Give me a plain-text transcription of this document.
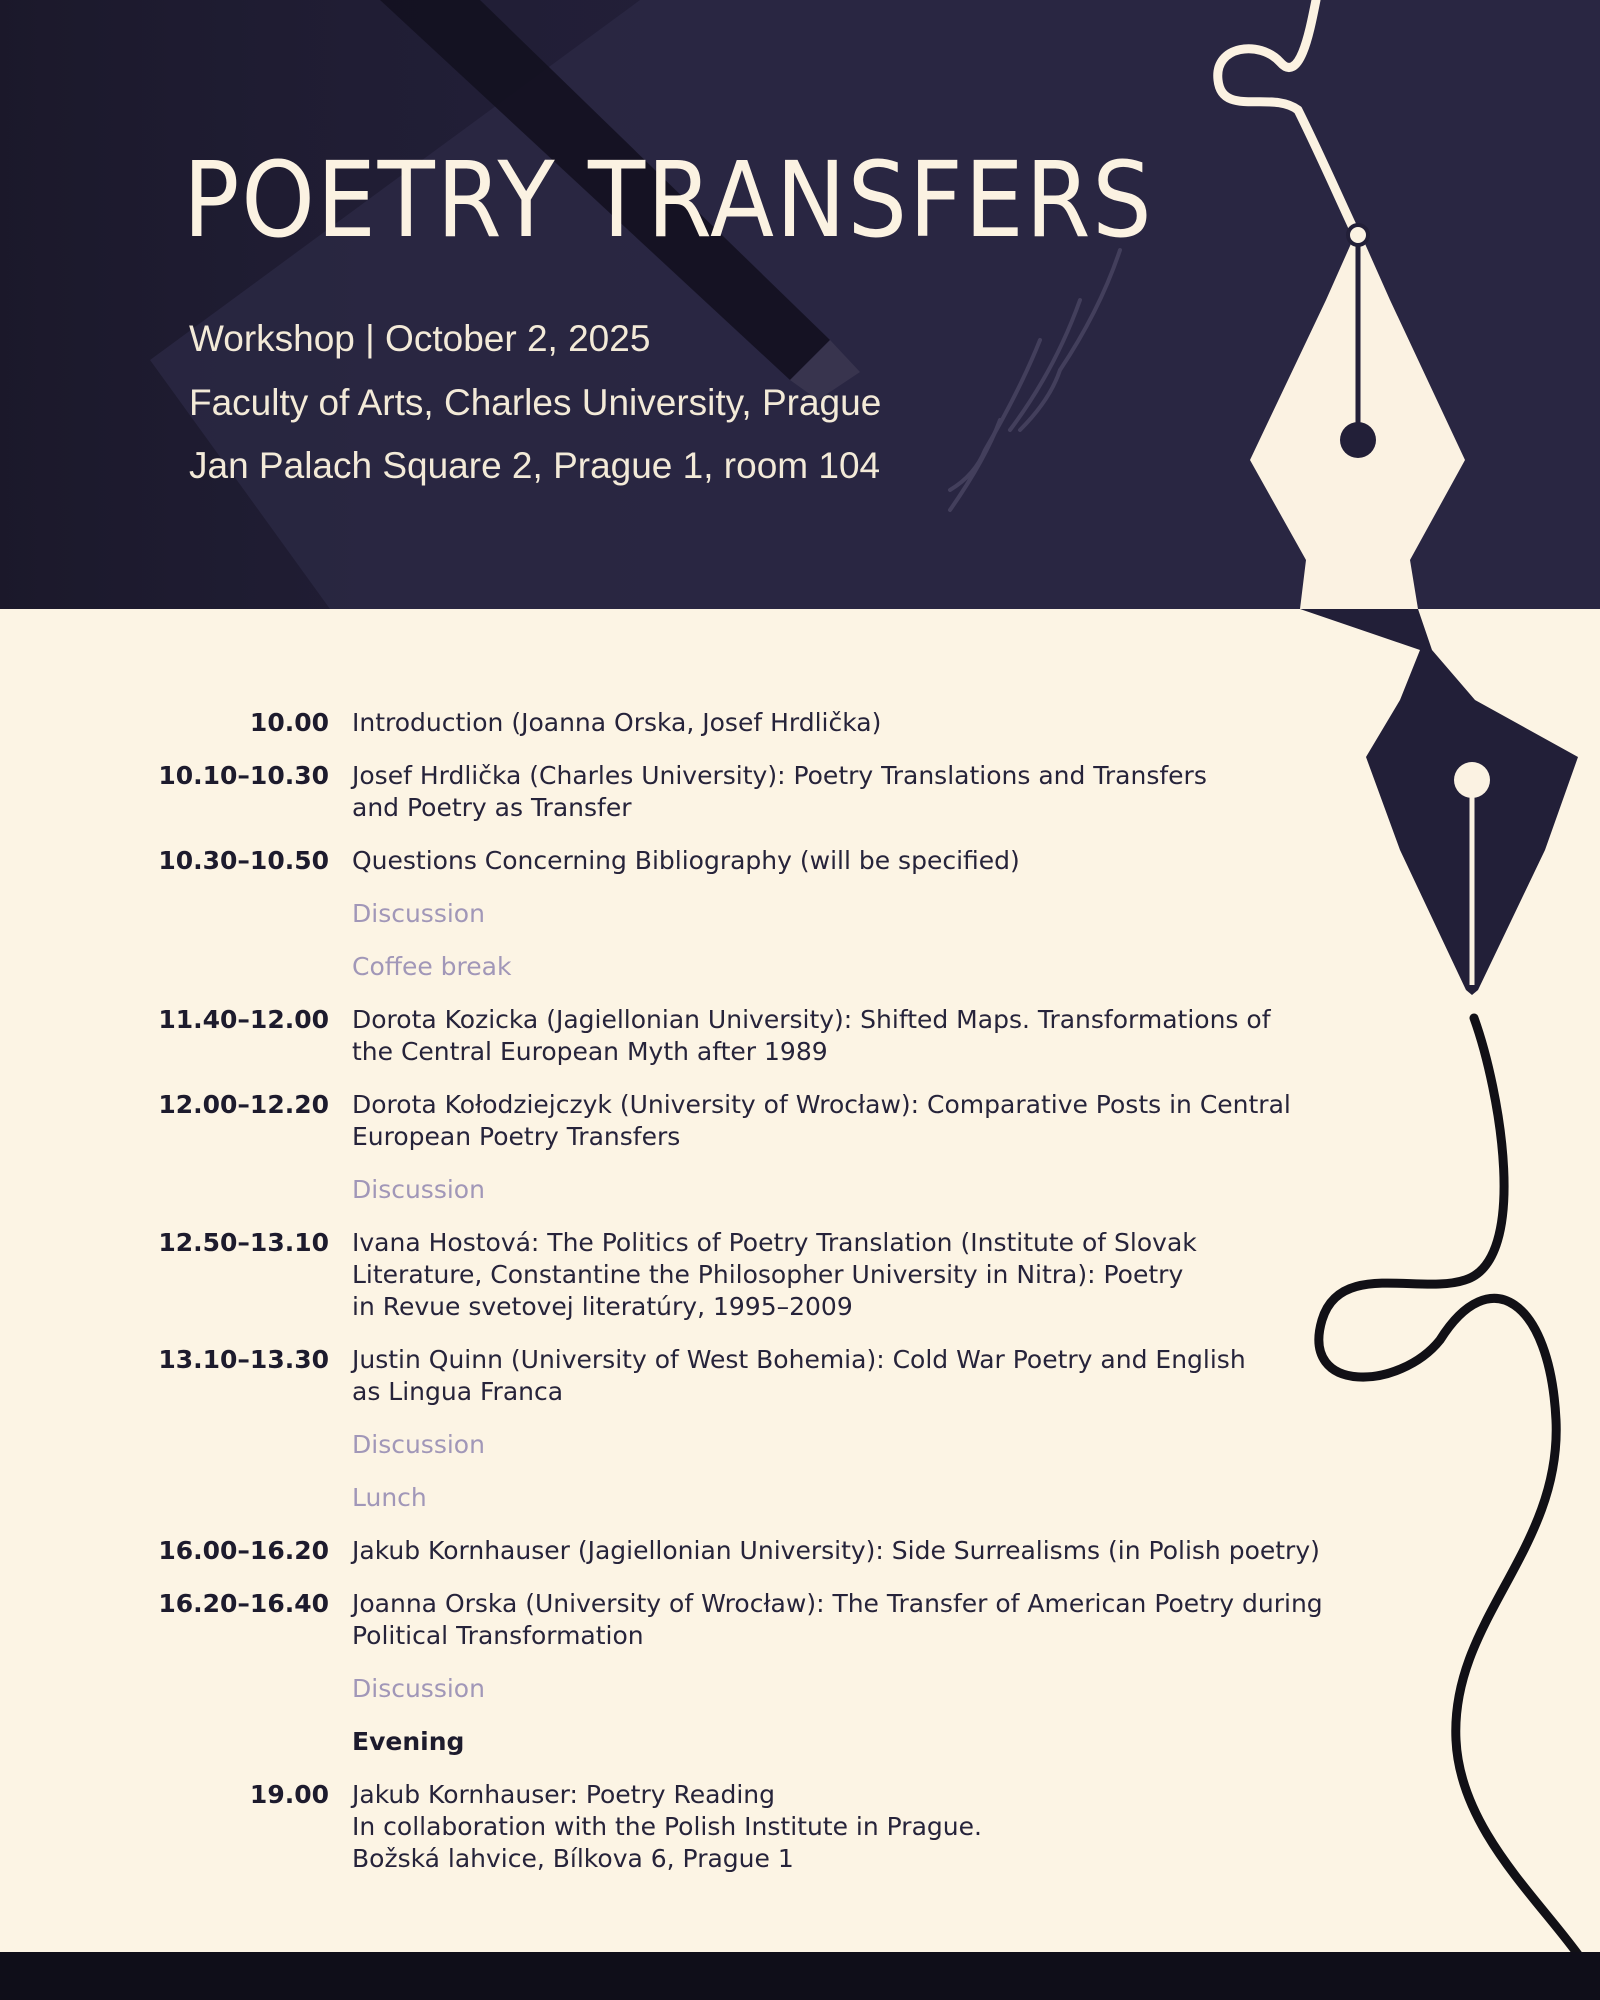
POETRY TRANSFERS

Workshop | October 2, 2025

Faculty of Arts, Charles University, Prague

Jan Palach Square 2, Prague 1, room 104

10.00 Introduction (Joanna Orska, Josef Hrdlička)
10.10–10.30 Josef Hrdlička (Charles University): Poetry Translations and Transfers
and Poetry as Transfer
10.30–10.50 Questions Concerning Bibliography (will be specified)
Discussion
Coffee break
11.40–12.00 Dorota Kozicka (Jagiellonian University): Shifted Maps. Transformations of
the Central European Myth after 1989
12.00–12.20 Dorota Kołodziejczyk (University of Wrocław): Comparative Posts in Central
European Poetry Transfers
Discussion
12.50–13.10 Ivana Hostová: The Politics of Poetry Translation (Institute of Slovak
Literature, Constantine the Philosopher University in Nitra): Poetry
in Revue svetovej literatúry, 1995–2009
13.10–13.30 Justin Quinn (University of West Bohemia): Cold War Poetry and English
as Lingua Franca
Discussion
Lunch
16.00–16.20 Jakub Kornhauser (Jagiellonian University): Side Surrealisms (in Polish poetry)
16.20–16.40 Joanna Orska (University of Wrocław): The Transfer of American Poetry during
Political Transformation
Discussion
Evening
19.00 Jakub Kornhauser: Poetry Reading
In collaboration with the Polish Institute in Prague.
Božská lahvice, Bílkova 6, Prague 1
